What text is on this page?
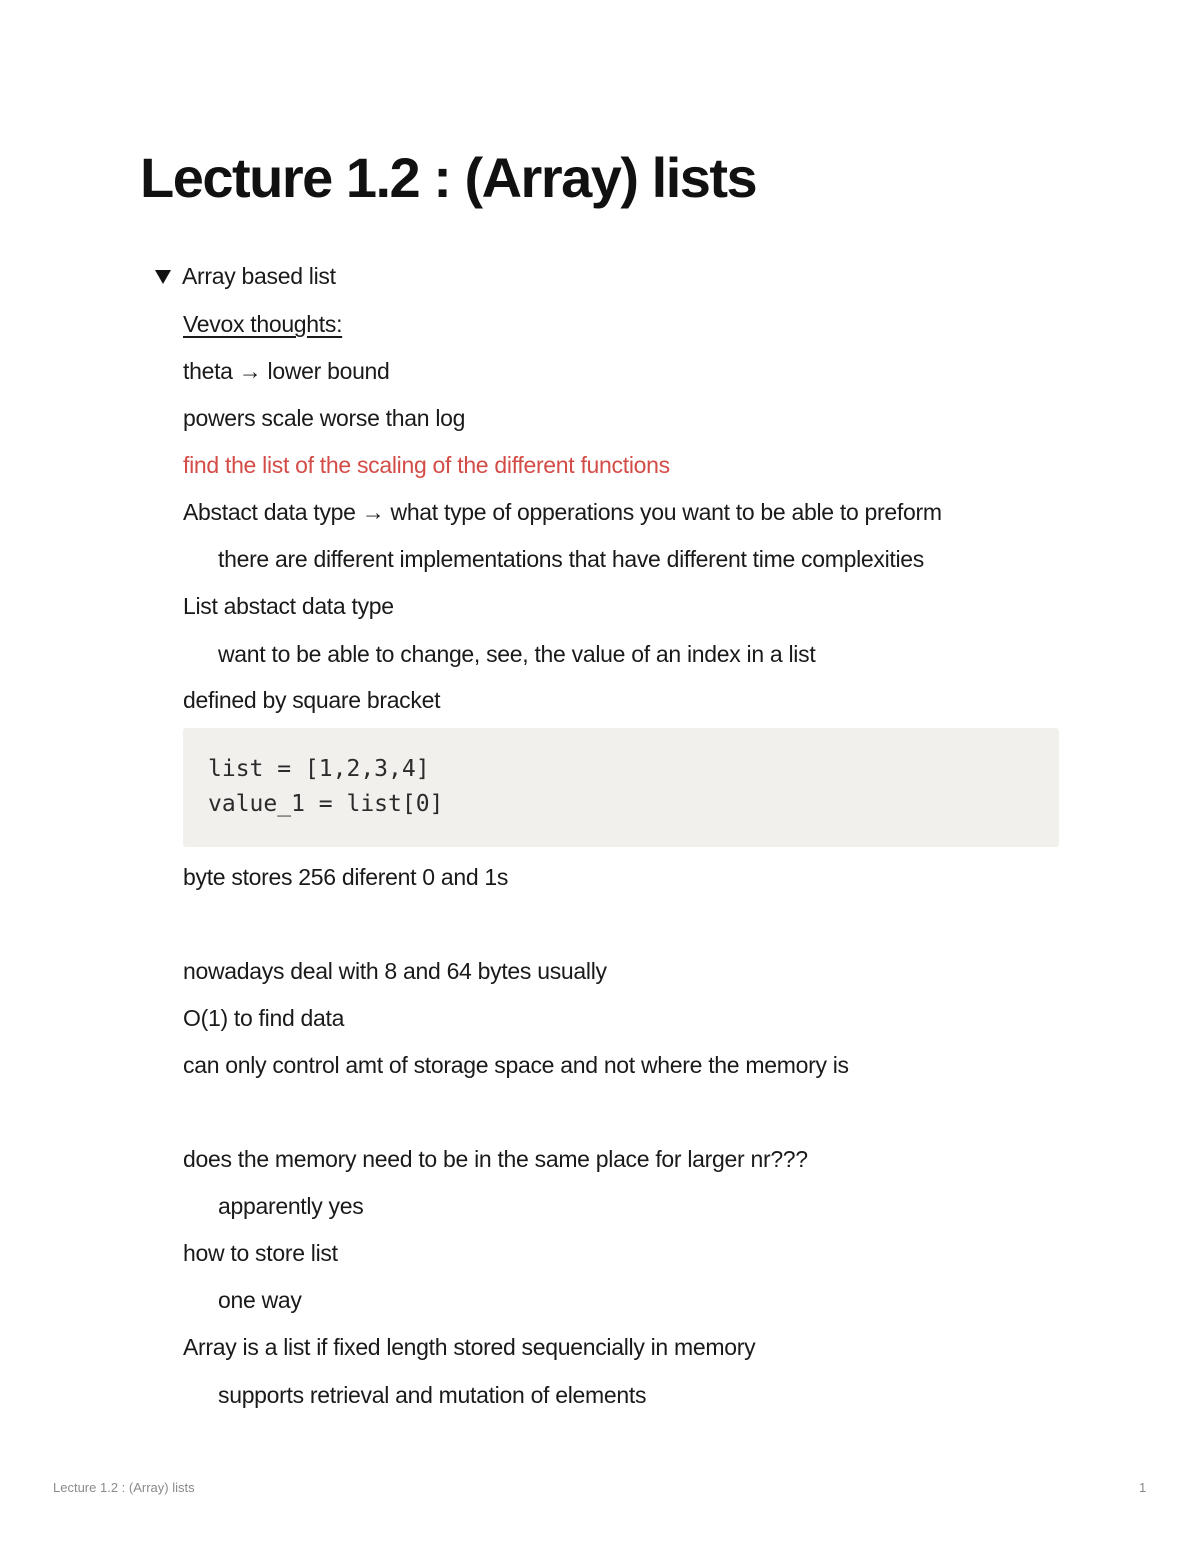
Lecture 1.2 : (Array) lists
Array based list
Vevox thoughts:
theta → lower bound
powers scale worse than log
find the list of the scaling of the different functions
Abstact data type → what type of opperations you want to be able to preform
there are different implementations that have different time complexities
List abstact data type
want to be able to change, see, the value of an index in a list
defined by square bracket
list = [1,2,3,4]
value_1 = list[0]
byte stores 256 diferent 0 and 1s
nowadays deal with 8 and 64 bytes usually
O(1) to find data
can only control amt of storage space and not where the memory is
does the memory need to be in the same place for larger nr???
apparently yes
how to store list
one way
Array is a list if fixed length stored sequencially in memory
supports retrieval and mutation of elements
Lecture 1.2 : (Array) lists	1
